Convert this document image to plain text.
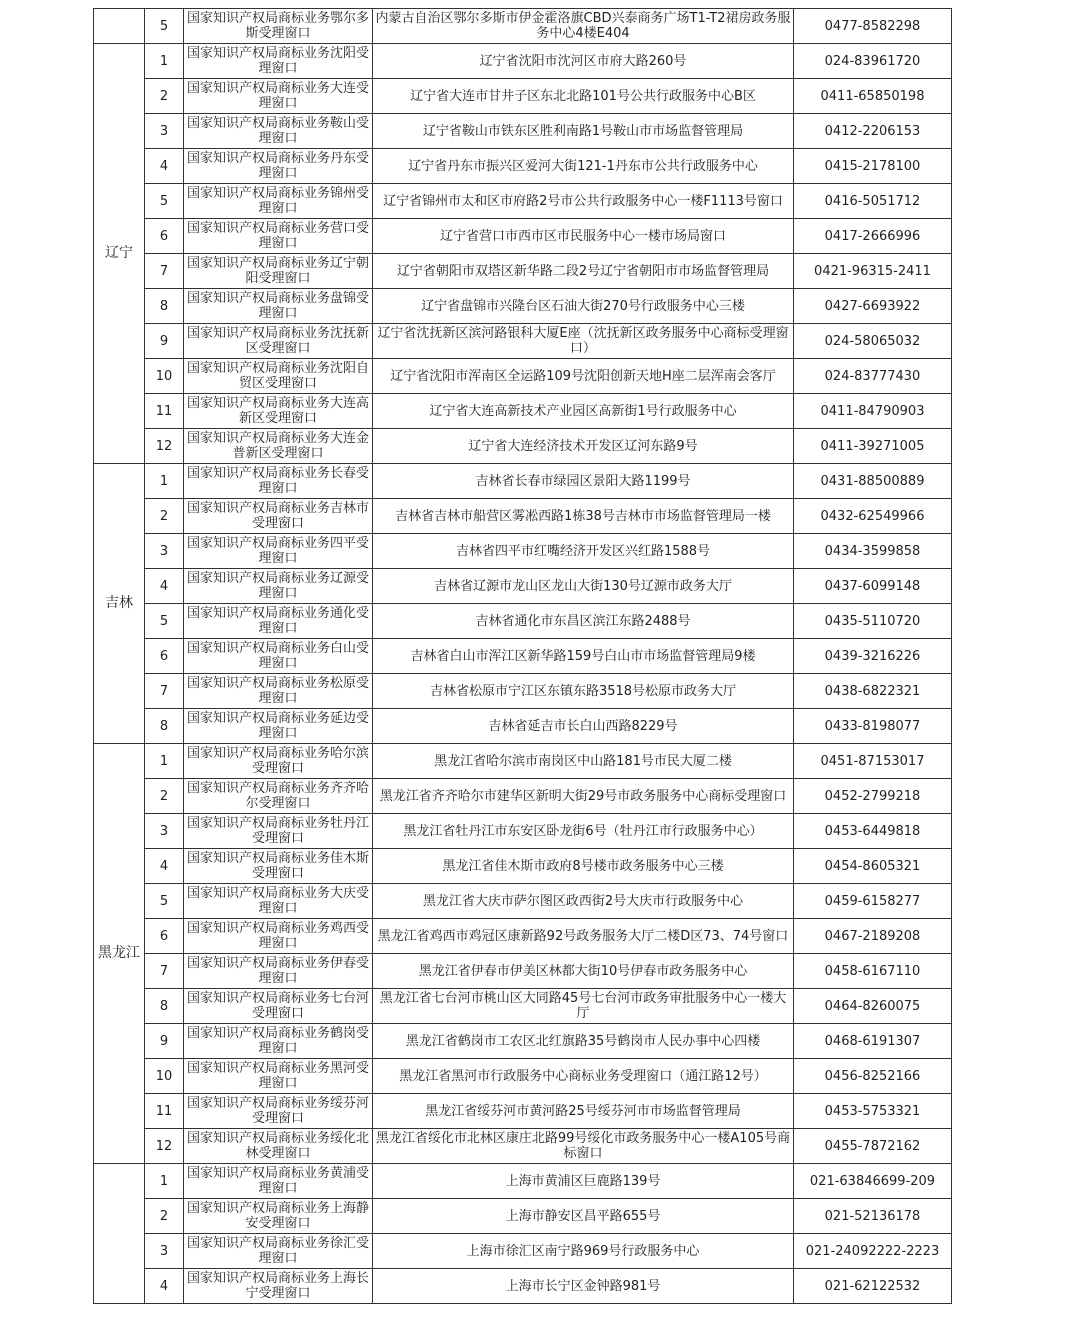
	5	国家知识产权局商标业务鄂尔多斯受理窗口	内蒙古自治区鄂尔多斯市伊金霍洛旗CBD兴泰商务广场T1-T2裙房政务服务中心4楼E404	0477-8582298
辽宁	1	国家知识产权局商标业务沈阳受理窗口	辽宁省沈阳市沈河区市府大路260号	024-83961720
	2	国家知识产权局商标业务大连受理窗口	辽宁省大连市甘井子区东北北路101号公共行政服务中心B区	0411-65850198
	3	国家知识产权局商标业务鞍山受理窗口	辽宁省鞍山市铁东区胜利南路1号鞍山市市场监督管理局	0412-2206153
	4	国家知识产权局商标业务丹东受理窗口	辽宁省丹东市振兴区爱河大街121-1丹东市公共行政服务中心	0415-2178100
	5	国家知识产权局商标业务锦州受理窗口	辽宁省锦州市太和区市府路2号市公共行政服务中心一楼F1113号窗口	0416-5051712
	6	国家知识产权局商标业务营口受理窗口	辽宁省营口市西市区市民服务中心一楼市场局窗口	0417-2666996
	7	国家知识产权局商标业务辽宁朝阳受理窗口	辽宁省朝阳市双塔区新华路二段2号辽宁省朝阳市市场监督管理局	0421-96315-2411
	8	国家知识产权局商标业务盘锦受理窗口	辽宁省盘锦市兴隆台区石油大街270号行政服务中心三楼	0427-6693922
	9	国家知识产权局商标业务沈抚新区受理窗口	辽宁省沈抚新区滨河路银科大厦E座（沈抚新区政务服务中心商标受理窗口）	024-58065032
	10	国家知识产权局商标业务沈阳自贸区受理窗口	辽宁省沈阳市浑南区全运路109号沈阳创新天地H座二层浑南会客厅	024-83777430
	11	国家知识产权局商标业务大连高新区受理窗口	辽宁省大连高新技术产业园区高新街1号行政服务中心	0411-84790903
	12	国家知识产权局商标业务大连金普新区受理窗口	辽宁省大连经济技术开发区辽河东路9号	0411-39271005
吉林	1	国家知识产权局商标业务长春受理窗口	吉林省长春市绿园区景阳大路1199号	0431-88500889
	2	国家知识产权局商标业务吉林市受理窗口	吉林省吉林市船营区雾凇西路1栋38号吉林市市场监督管理局一楼	0432-62549966
	3	国家知识产权局商标业务四平受理窗口	吉林省四平市红嘴经济开发区兴红路1588号	0434-3599858
	4	国家知识产权局商标业务辽源受理窗口	吉林省辽源市龙山区龙山大街130号辽源市政务大厅	0437-6099148
	5	国家知识产权局商标业务通化受理窗口	吉林省通化市东昌区滨江东路2488号	0435-5110720
	6	国家知识产权局商标业务白山受理窗口	吉林省白山市浑江区新华路159号白山市市场监督管理局9楼	0439-3216226
	7	国家知识产权局商标业务松原受理窗口	吉林省松原市宁江区东镇东路3518号松原市政务大厅	0438-6822321
	8	国家知识产权局商标业务延边受理窗口	吉林省延吉市长白山西路8229号	0433-8198077
黑龙江	1	国家知识产权局商标业务哈尔滨受理窗口	黑龙江省哈尔滨市南岗区中山路181号市民大厦二楼	0451-87153017
	2	国家知识产权局商标业务齐齐哈尔受理窗口	黑龙江省齐齐哈尔市建华区新明大街29号市政务服务中心商标受理窗口	0452-2799218
	3	国家知识产权局商标业务牡丹江受理窗口	黑龙江省牡丹江市东安区卧龙街6号（牡丹江市行政服务中心）	0453-6449818
	4	国家知识产权局商标业务佳木斯受理窗口	黑龙江省佳木斯市政府8号楼市政务服务中心三楼	0454-8605321
	5	国家知识产权局商标业务大庆受理窗口	黑龙江省大庆市萨尔图区政西街2号大庆市行政服务中心	0459-6158277
	6	国家知识产权局商标业务鸡西受理窗口	黑龙江省鸡西市鸡冠区康新路92号政务服务大厅二楼D区73、74号窗口	0467-2189208
	7	国家知识产权局商标业务伊春受理窗口	黑龙江省伊春市伊美区林都大街10号伊春市政务服务中心	0458-6167110
	8	国家知识产权局商标业务七台河受理窗口	黑龙江省七台河市桃山区大同路45号七台河市政务审批服务中心一楼大厅	0464-8260075
	9	国家知识产权局商标业务鹤岗受理窗口	黑龙江省鹤岗市工农区北红旗路35号鹤岗市人民办事中心四楼	0468-6191307
	10	国家知识产权局商标业务黑河受理窗口	黑龙江省黑河市行政服务中心商标业务受理窗口（通江路12号）	0456-8252166
	11	国家知识产权局商标业务绥芬河受理窗口	黑龙江省绥芬河市黄河路25号绥芬河市市场监督管理局	0453-5753321
	12	国家知识产权局商标业务绥化北林受理窗口	黑龙江省绥化市北林区康庄北路99号绥化市政务服务中心一楼A105号商标窗口	0455-7872162
	1	国家知识产权局商标业务黄浦受理窗口	上海市黄浦区巨鹿路139号	021-63846699-209
	2	国家知识产权局商标业务上海静安受理窗口	上海市静安区昌平路655号	021-52136178
	3	国家知识产权局商标业务徐汇受理窗口	上海市徐汇区南宁路969号行政服务中心	021-24092222-2223
	4	国家知识产权局商标业务上海长宁受理窗口	上海市长宁区金钟路981号	021-62122532
